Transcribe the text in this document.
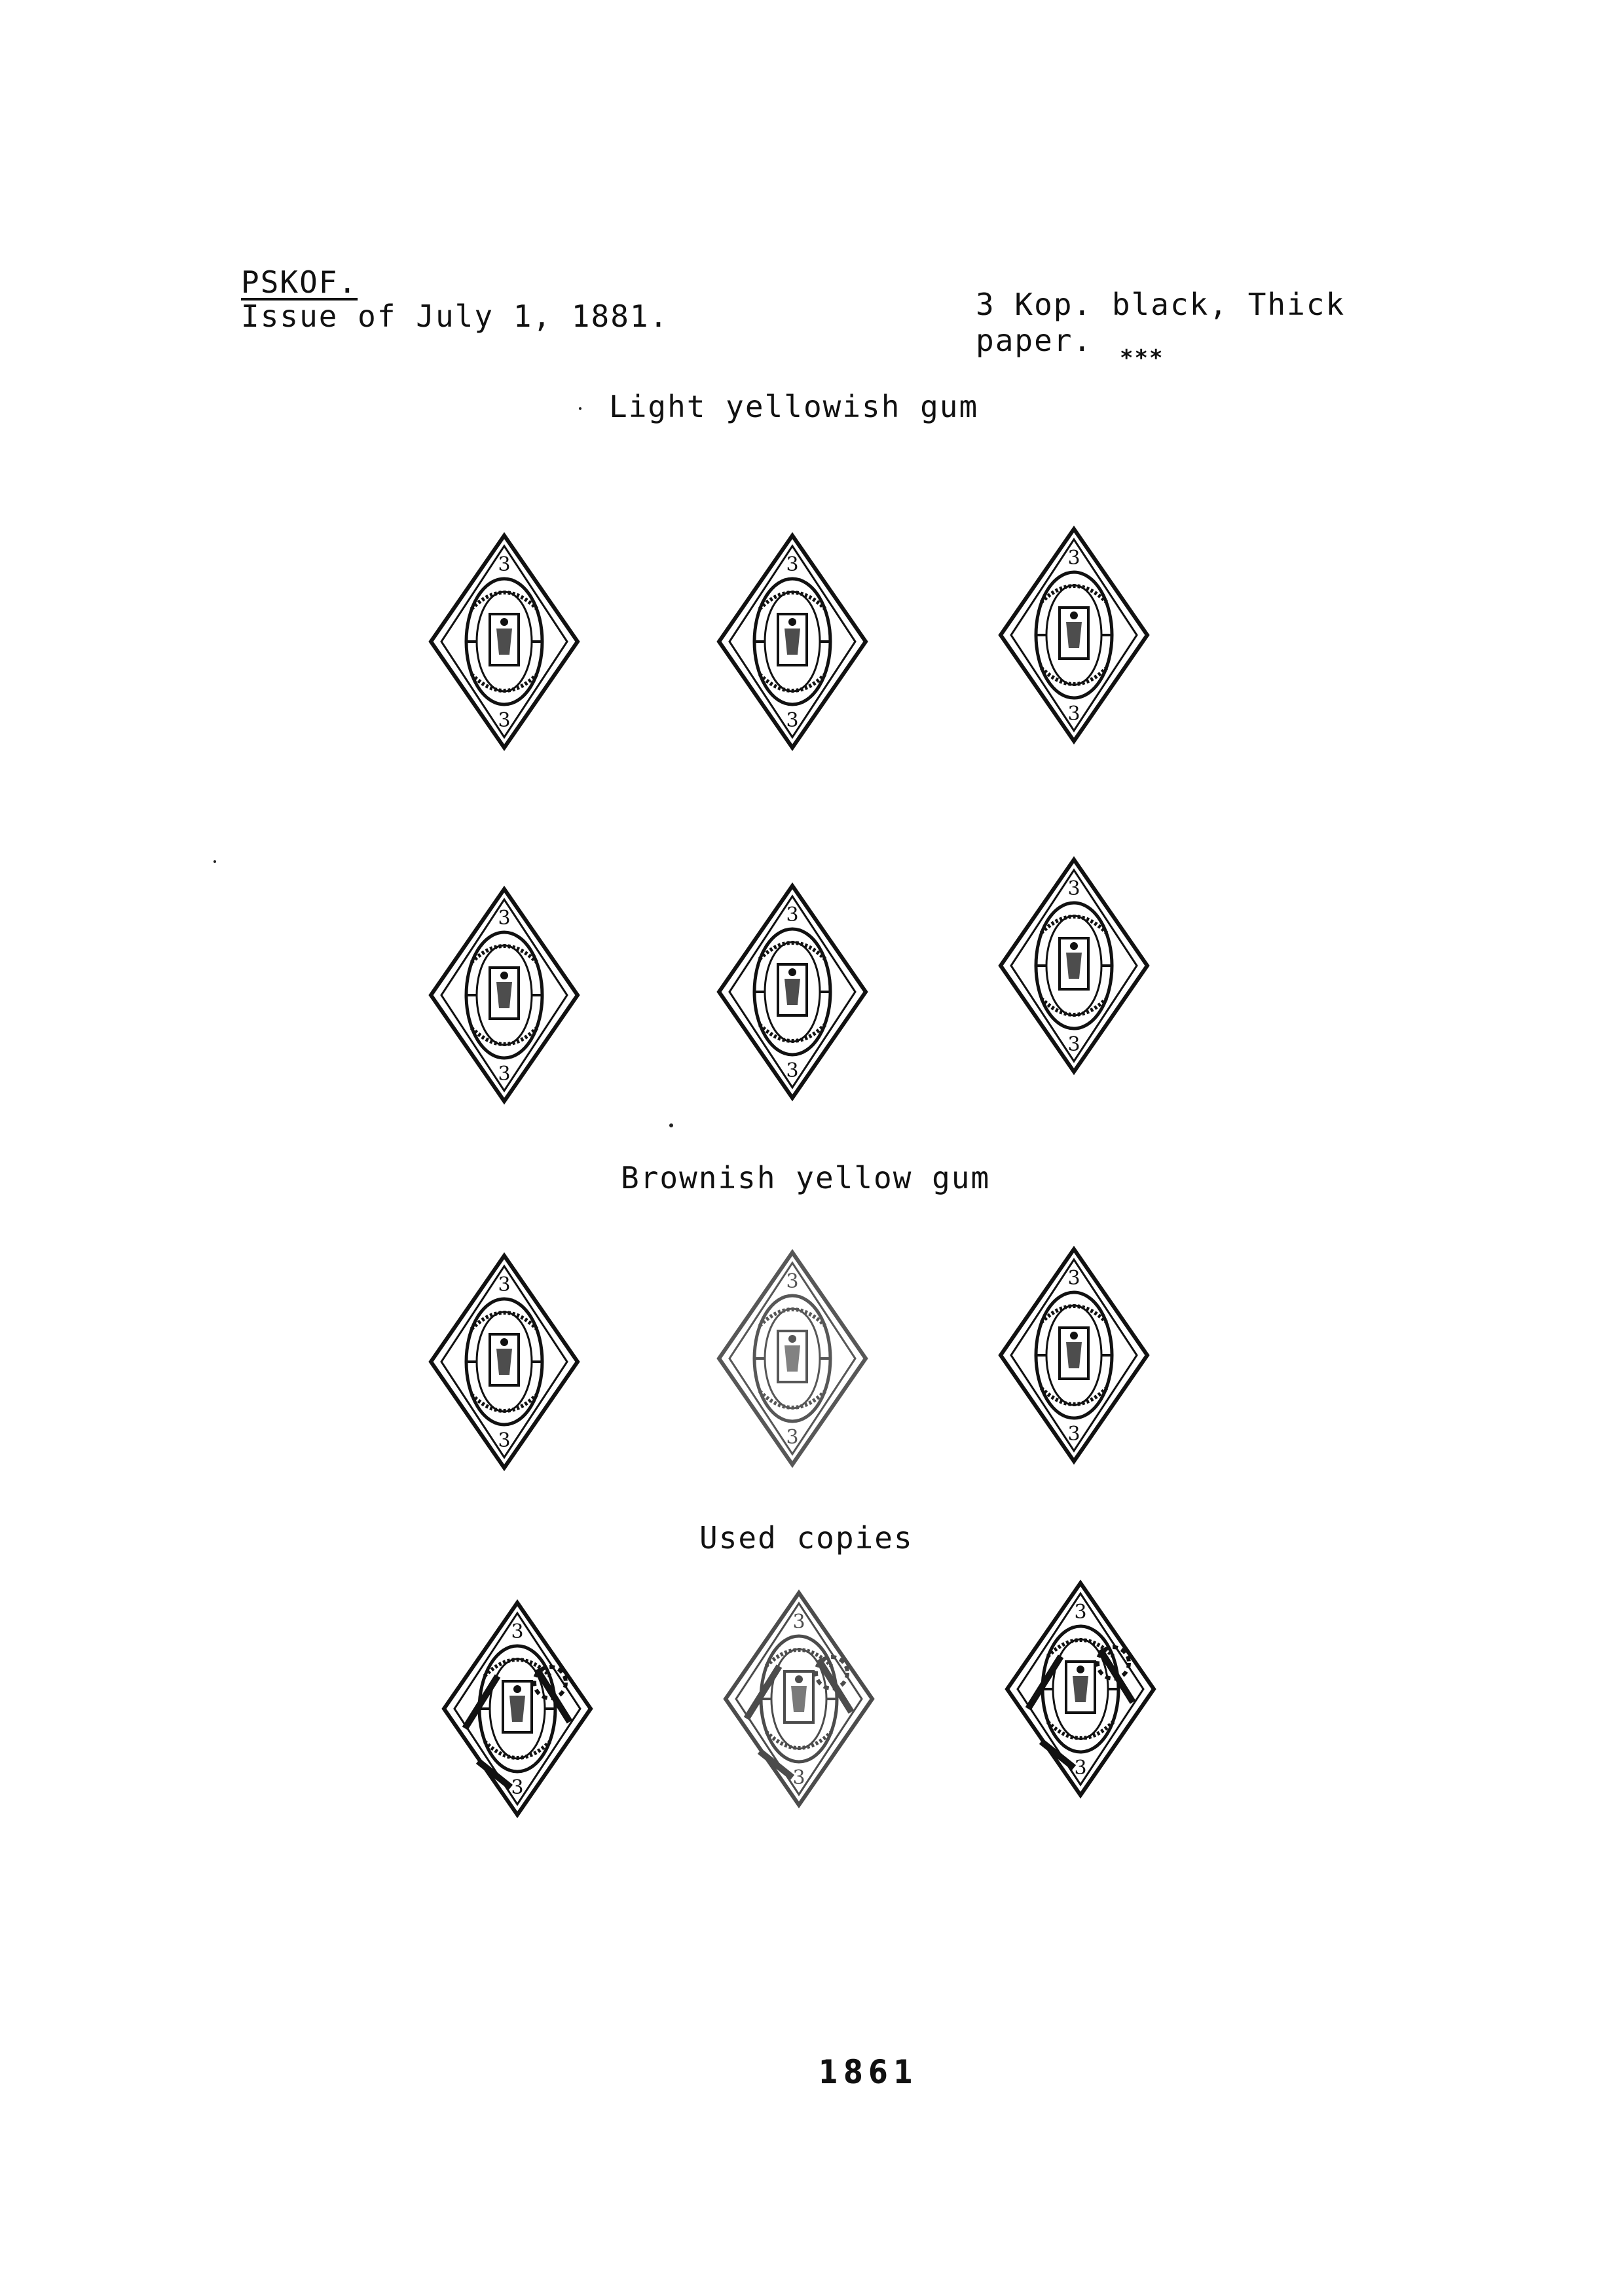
PSKOF.
Issue of July 1, 1881.	3 Kop. black, Thick
paper. ***
Light yellowish gum
Brownish yellow gum
Used copies
1861
